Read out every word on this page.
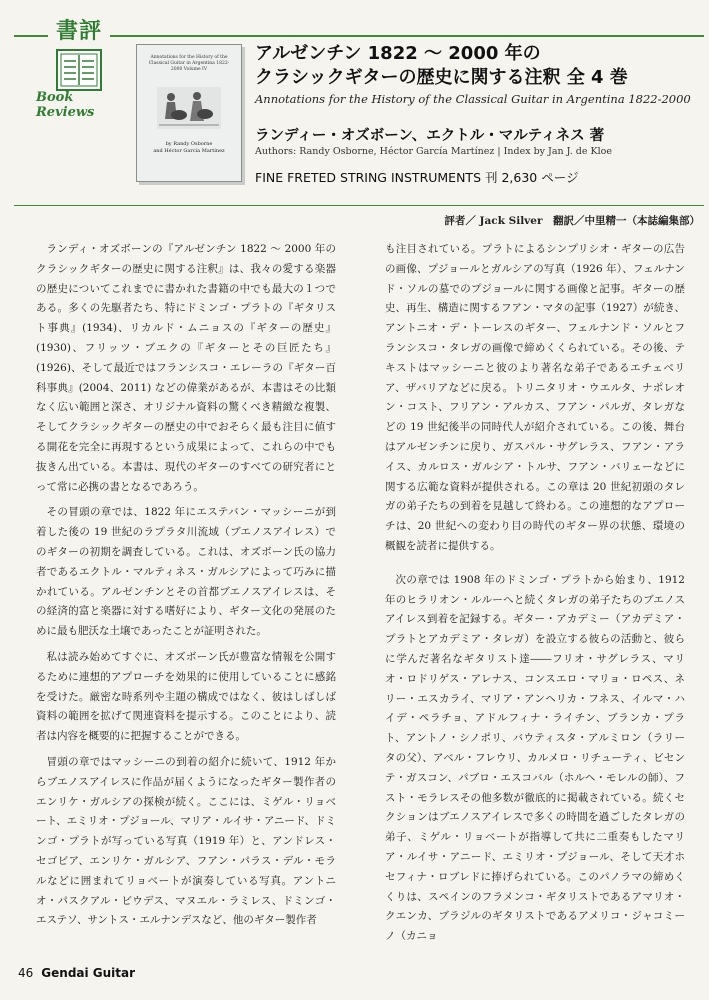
書評
Book Reviews
Annotations for the History of the Classical Guitar in Argentina 1822-2000 Volume IV
by Randy Osborne
and Héctor García Martínez
アルゼンチン 1822 ～ 2000 年の
クラシックギターの歴史に関する注釈 全 4 巻
Annotations for the History of the Classical Guitar in Argentina 1822-2000
ランディー・オズボーン、エクトル・マルティネス 著
Authors: Randy Osborne, Héctor García Martínez | Index by Jan J. de Kloe
FINE FRETED STRING INSTRUMENTS 刊 2,630 ページ
評者／ Jack Silver　翻訳／中里精一（本誌編集部）

ランディ・オズボーンの『アルゼンチン 1822 ～ 2000 年のクラシックギターの歴史に関する注釈』は、我々の愛する楽器の歴史についてこれまでに書かれた書籍の中でも最大の１つである。多くの先駆者たち、特にドミンゴ・プラトの『ギタリスト事典』(1934)、リカルド・ムニョスの『ギターの歴史』(1930)、フリッツ・ブエクの『ギターとその巨匠たち』(1926)、そして最近ではフランシスコ・エレーラの『ギター百科事典』(2004、2011) などの偉業があるが、本書はその比類なく広い範囲と深さ、オリジナル資料の驚くべき精緻な複製、そしてクラシックギターの歴史の中でおそらく最も注目に値する開花を完全に再現するという成果によって、これらの中でも抜きん出ている。本書は、現代のギターのすべての研究者にとって常に必携の書となるであろう。

その冒頭の章では、1822 年にエステバン・マッシーニが到着した後の 19 世紀のラプラタ川流域（ブエノスアイレス）でのギターの初期を調査している。これは、オズボーン氏の協力者であるエクトル・マルティネス・ガルシアによって巧みに描かれている。アルゼンチンとその首都ブエノスアイレスは、その経済的富と楽器に対する嗜好により、ギター文化の発展のために最も肥沃な土壌であったことが証明された。

私は読み始めてすぐに、オズボーン氏が豊富な情報を公開するために連想的アプローチを効果的に使用していることに感銘を受けた。厳密な時系列や主題の構成ではなく、彼はしばしば資料の範囲を拡げて関連資料を提示する。このことにより、読者は内容を概要的に把握することができる。

冒頭の章ではマッシーニの到着の紹介に続いて、1912 年からブエノスアイレスに作品が届くようになったギター製作者のエンリケ・ガルシアの探検が続く。ここには、ミゲル・リョベート、エミリオ・プジョール、マリア・ルイサ・アニード、ドミンゴ・プラトが写っている写真（1919 年）と、アンドレス・セゴビア、エンリケ・ガルシア、フアン・パラス・デル・モラルなどに囲まれてリョベートが演奏している写真。アントニオ・パスクアル・ビウデス、マヌエル・ラミレス、ドミンゴ・エステソ、サントス・エルナンデスなど、他のギター製作者

も注目されている。プラトによるシンプリシオ・ギターの広告の画像、プジョールとガルシアの写真（1926 年）、フェルナンド・ソルの墓でのプジョールに関する画像と記事。ギターの歴史、再生、構造に関するフアン・マタの記事（1927）が続き、アントニオ・デ・トーレスのギター、フェルナンド・ソルとフランシスコ・タレガの画像で締めくくられている。その後、テキストはマッシーニと彼のより著名な弟子であるエチェベリア、ザバリアなどに戻る。トリニタリオ・ウエルタ、ナポレオン・コスト、フリアン・アルカス、フアン・パルガ、タレガなどの 19 世紀後半の同時代人が紹介されている。この後、舞台はアルゼンチンに戻り、ガスパル・サグレラス、フアン・アライス、カルロス・ガルシア・トルサ、フアン・バリェーなどに関する広範な資料が提供される。この章は 20 世紀初頭のタレガの弟子たちの到着を見越して終わる。この連想的なアプローチは、20 世紀への変わり目の時代のギター界の状態、環境の概観を読者に提供する。

次の章では 1908 年のドミンゴ・プラトから始まり、1912 年のヒラリオン・ルルーへと続くタレガの弟子たちのブエノスアイレス到着を記録する。ギター・アカデミー（アカデミア・プラトとアカデミア・タレガ）を設立する彼らの活動と、彼らに学んだ著名なギタリスト達――フリオ・サグレラス、マリオ・ロドリゲス・アレナス、コンスエロ・マリョ・ロペス、ネリー・エスカライ、マリア・アンヘリカ・フネス、イルマ・ハイデ・ペラチョ、アドルフィナ・ライチン、ブランカ・プラト、アントノ・シノポリ、バウティスタ・アルミロン（ラリータの父）、アベル・フレウリ、カルメロ・リチューティ、ビセンテ・ガスコン、パブロ・エスコバル（ホルヘ・モレルの師）、フスト・モラレスその他多数が徹底的に掲載されている。続くセクションはブエノスアイレスで多くの時間を過ごしたタレガの弟子、ミゲル・リョベートが指導して共に二重奏もしたマリア・ルイサ・アニード、エミリオ・プジョール、そして天才ホセフィナ・ロブレドに捧げられている。このパノラマの締めくくりは、スペインのフラメンコ・ギタリストであるアマリオ・クエンカ、ブラジルのギタリストであるアメリコ・ジャコミーノ（カニョ

46 Gendai Guitar
